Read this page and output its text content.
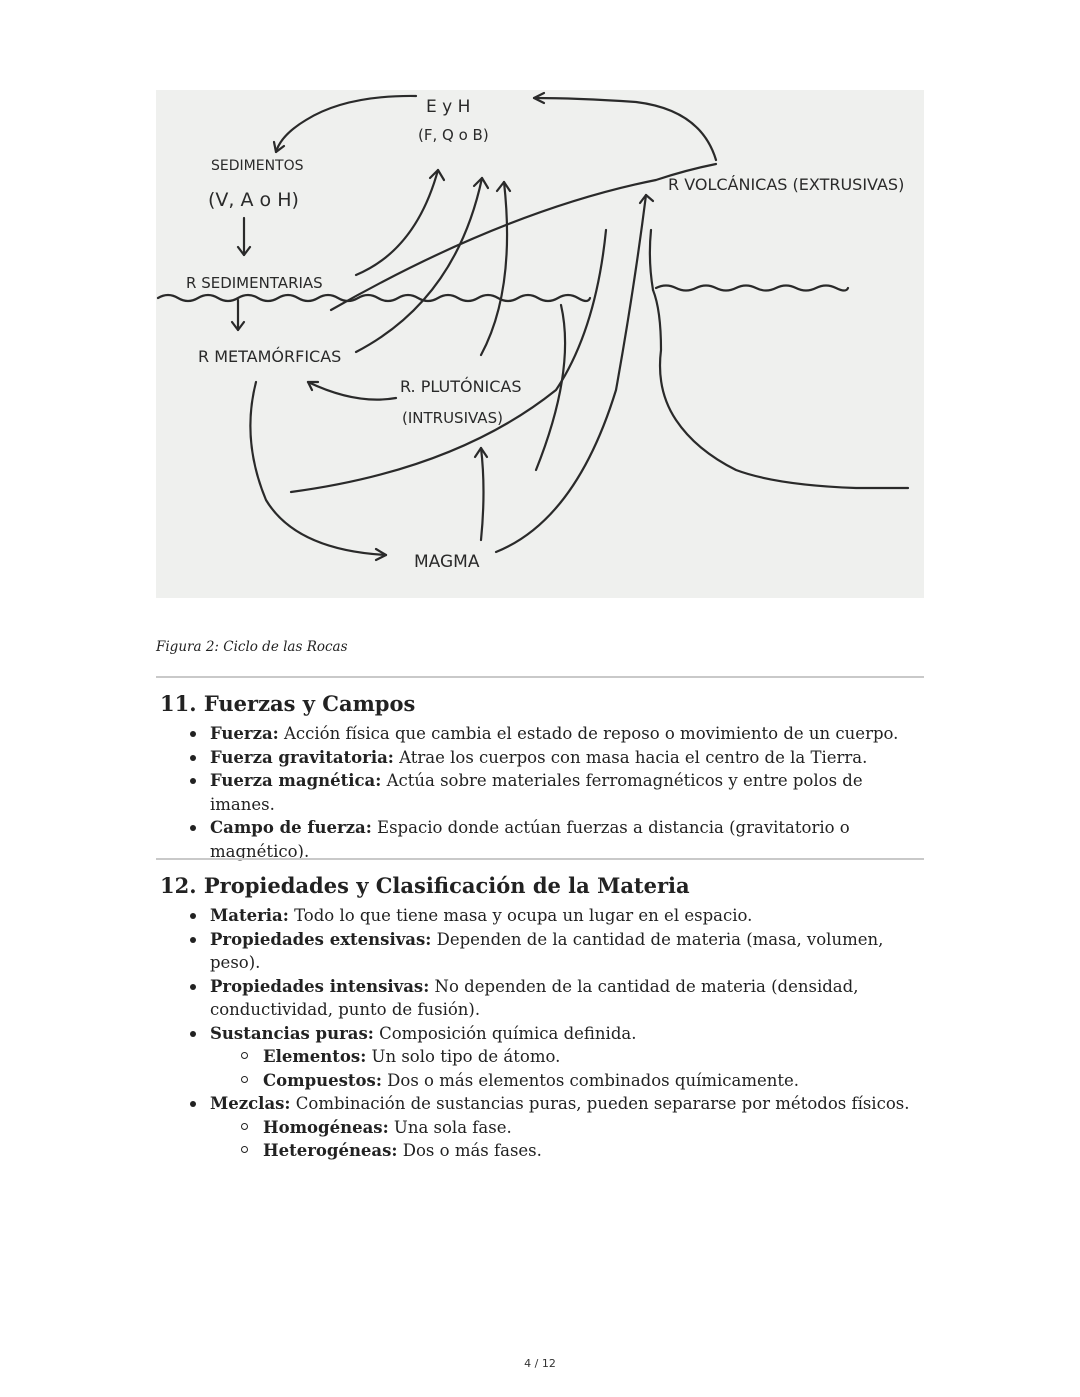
E y H
(F, Q o B)
SEDIMENTOS
(V, A o H)
R VOLCÁNICAS (EXTRUSIVAS)
R SEDIMENTARIAS
R METAMÓRFICAS
R. PLUTÓNICAS
(INTRUSIVAS)
MAGMA
Figura 2: Ciclo de las Rocas
11. Fuerzas y Campos
Fuerza: Acción física que cambia el estado de reposo o movimiento de un cuerpo.
Fuerza gravitatoria: Atrae los cuerpos con masa hacia el centro de la Tierra.
Fuerza magnética: Actúa sobre materiales ferromagnéticos y entre polos de imanes.
Campo de fuerza: Espacio donde actúan fuerzas a distancia (gravitatorio o magnético).
12. Propiedades y Clasificación de la Materia
Materia: Todo lo que tiene masa y ocupa un lugar en el espacio.
Propiedades extensivas: Dependen de la cantidad de materia (masa, volumen, peso).
Propiedades intensivas: No dependen de la cantidad de materia (densidad, conductividad, punto de fusión).
Sustancias puras: Composición química definida.
Elementos: Un solo tipo de átomo.
Compuestos: Dos o más elementos combinados químicamente.
Mezclas: Combinación de sustancias puras, pueden separarse por métodos físicos.
Homogéneas: Una sola fase.
Heterogéneas: Dos o más fases.
4 / 12
